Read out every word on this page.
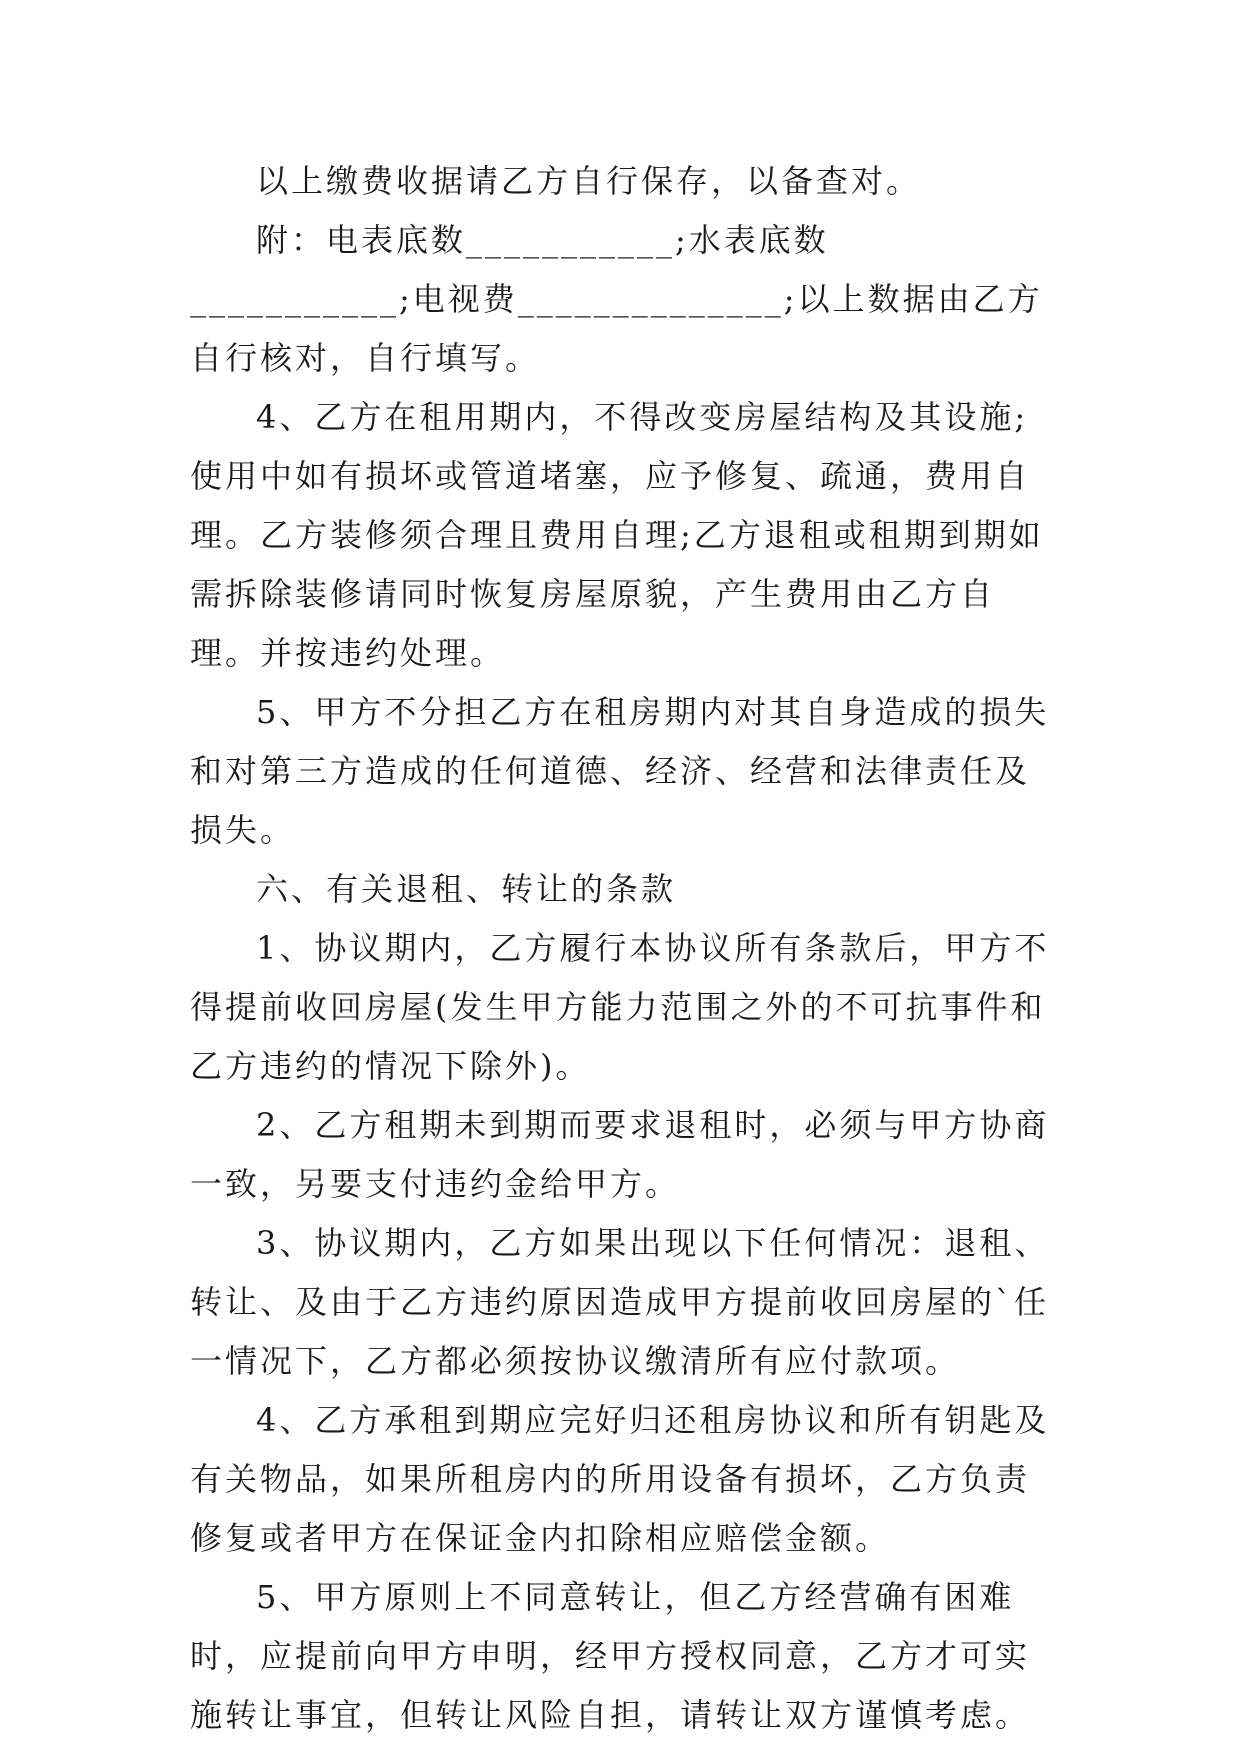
以上缴费收据请乙方自行保存，以备查对。

附：电表底数___________;水表底数___________;电视费______________;以上数据由乙方自行核对，自行填写。

4、乙方在租用期内，不得改变房屋结构及其设施;使用中如有损坏或管道堵塞，应予修复、疏通，费用自理。乙方装修须合理且费用自理;乙方退租或租期到期如需拆除装修请同时恢复房屋原貌，产生费用由乙方自理。并按违约处理。

5、甲方不分担乙方在租房期内对其自身造成的损失和对第三方造成的任何道德、经济、经营和法律责任及损失。

六、有关退租、转让的条款

1、协议期内，乙方履行本协议所有条款后，甲方不得提前收回房屋(发生甲方能力范围之外的不可抗事件和乙方违约的情况下除外)。

2、乙方租期未到期而要求退租时，必须与甲方协商一致，另要支付违约金给甲方。

3、协议期内，乙方如果出现以下任何情况：退租、转让、及由于乙方违约原因造成甲方提前收回房屋的`任一情况下，乙方都必须按协议缴清所有应付款项。

4、乙方承租到期应完好归还租房协议和所有钥匙及有关物品，如果所租房内的所用设备有损坏，乙方负责修复或者甲方在保证金内扣除相应赔偿金额。

5、甲方原则上不同意转让，但乙方经营确有困难时，应提前向甲方申明，经甲方授权同意，乙方才可实施转让事宜，但转让风险自担，请转让双方谨慎考虑。
